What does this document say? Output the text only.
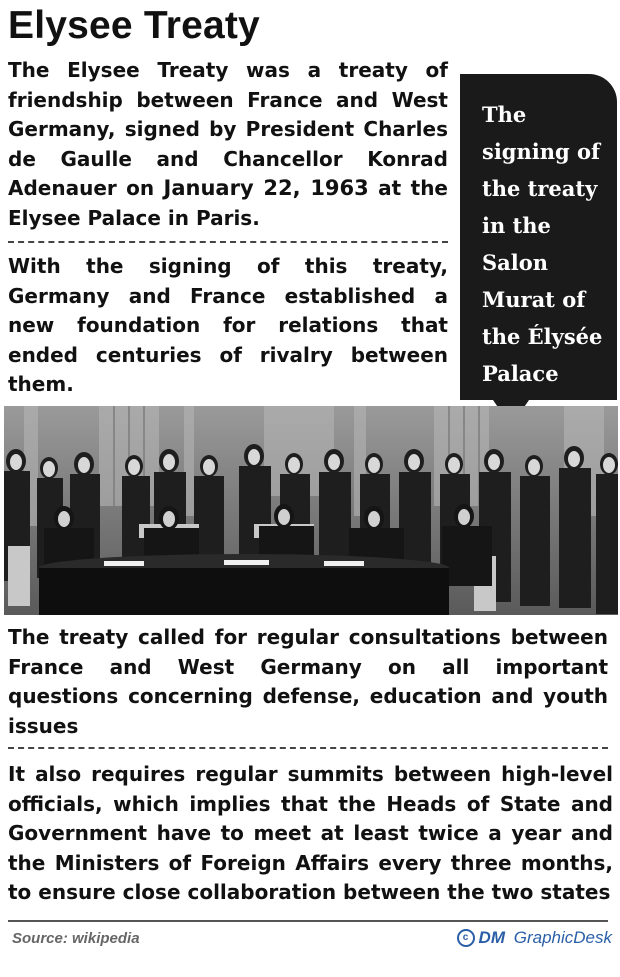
Elysee Treaty

The Elysee Treaty was a treaty of friendship between France and West Germany, signed by President Charles de Gaulle and Chancellor Konrad Adenauer on January 22, 1963 at the Elysee Palace in Paris.

With the signing of this treaty, Germany and France established a new foundation for relations that ended centuries of rivalry between them.

The signing of the treaty in the Salon Murat of the Élysée Palace

The treaty called for regular consultations between France and West Germany on all important questions concerning defense, education and youth issues

It also requires regular summits between high-level officials, which implies that the Heads of State and Government have to meet at least twice a year and the Ministers of Foreign Affairs every three months, to ensure close collaboration between the two states

Source: wikipedia	c DM
GraphicDesk
